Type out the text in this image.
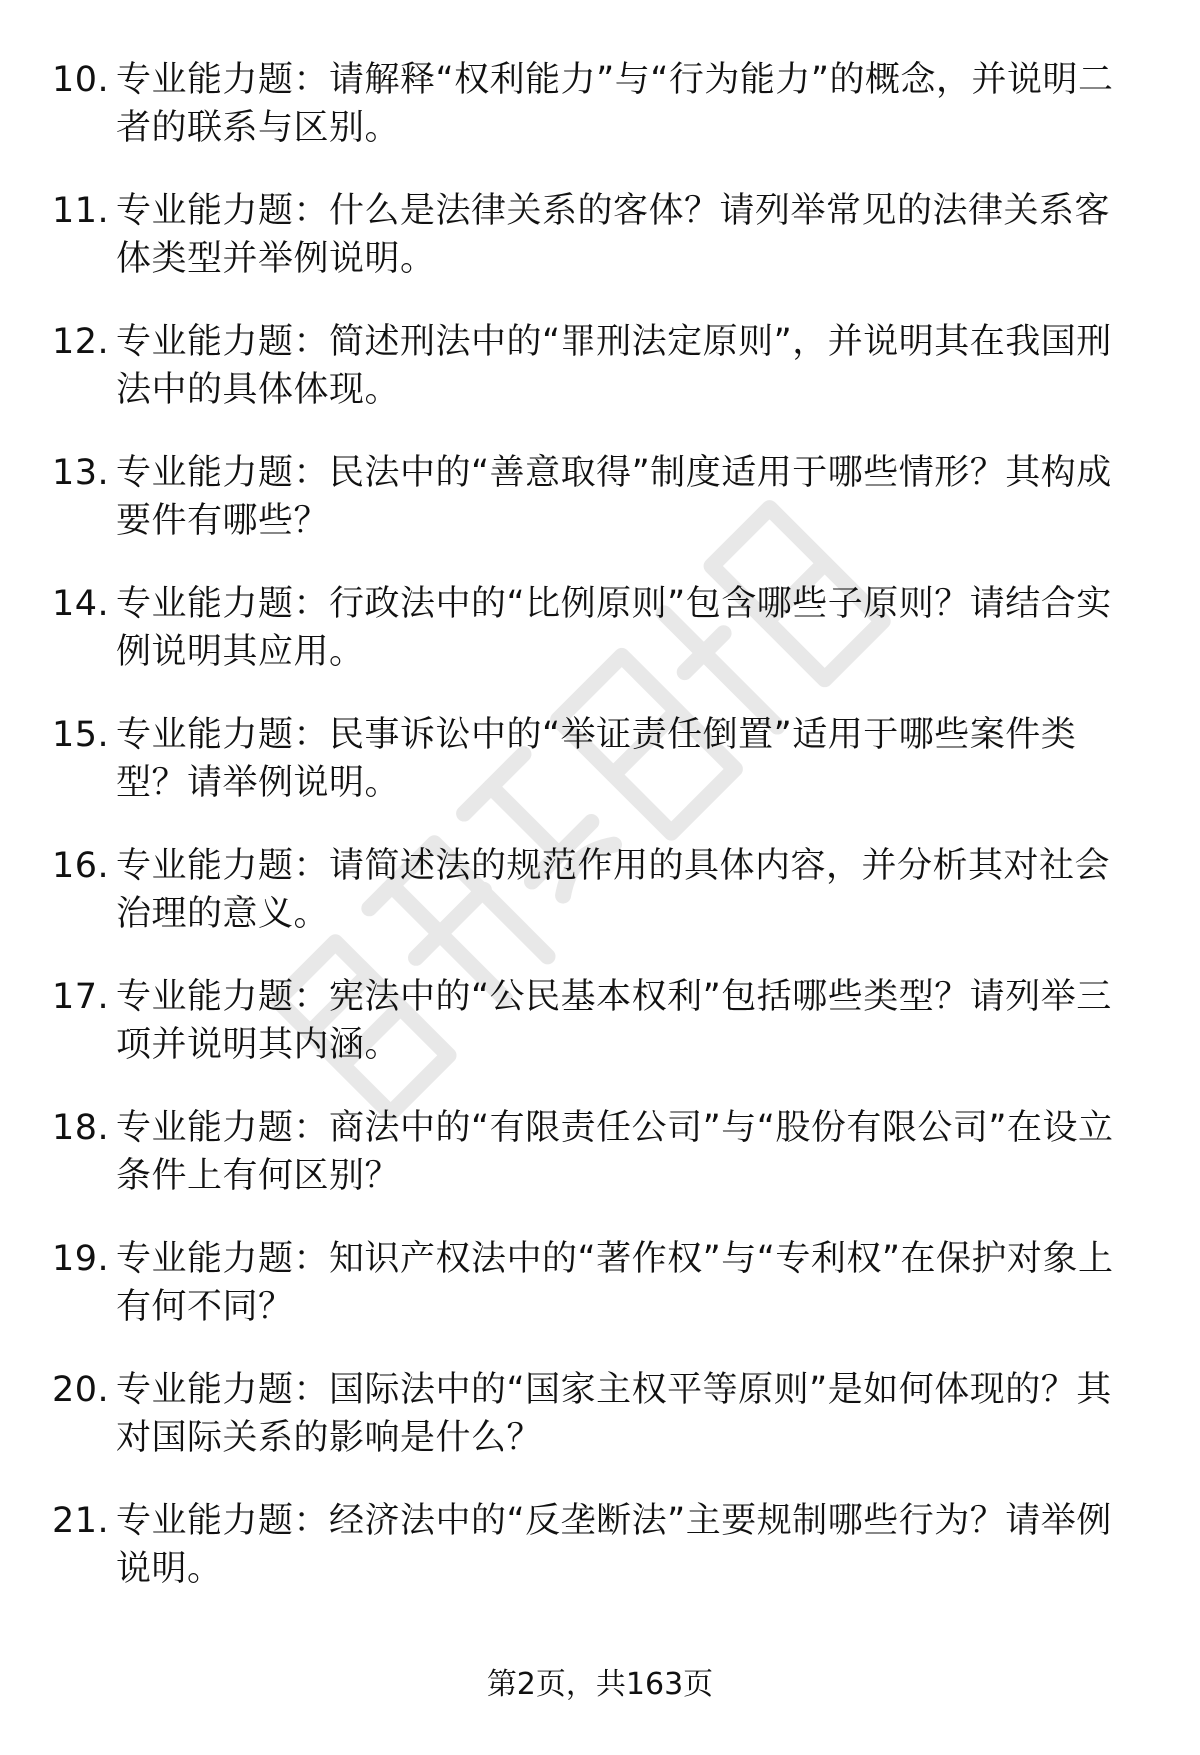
10. 专业能力题：请解释“权利能力”与“行为能力”的概念，并说明二者的联系与区别。
11. 专业能力题：什么是法律关系的客体？请列举常见的法律关系客体类型并举例说明。
12. 专业能力题：简述刑法中的“罪刑法定原则”，并说明其在我国刑法中的具体体现。
13. 专业能力题：民法中的“善意取得”制度适用于哪些情形？其构成要件有哪些？
14. 专业能力题：行政法中的“比例原则”包含哪些子原则？请结合实例说明其应用。
15. 专业能力题：民事诉讼中的“举证责任倒置”适用于哪些案件类型？请举例说明。
16. 专业能力题：请简述法的规范作用的具体内容，并分析其对社会治理的意义。
17. 专业能力题：宪法中的“公民基本权利”包括哪些类型？请列举三项并说明其内涵。
18. 专业能力题：商法中的“有限责任公司”与“股份有限公司”在设立条件上有何区别？
19. 专业能力题：知识产权法中的“著作权”与“专利权”在保护对象上有何不同？
20. 专业能力题：国际法中的“国家主权平等原则”是如何体现的？其对国际关系的影响是什么？
21. 专业能力题：经济法中的“反垄断法”主要规制哪些行为？请举例说明。
第2页，共163页
